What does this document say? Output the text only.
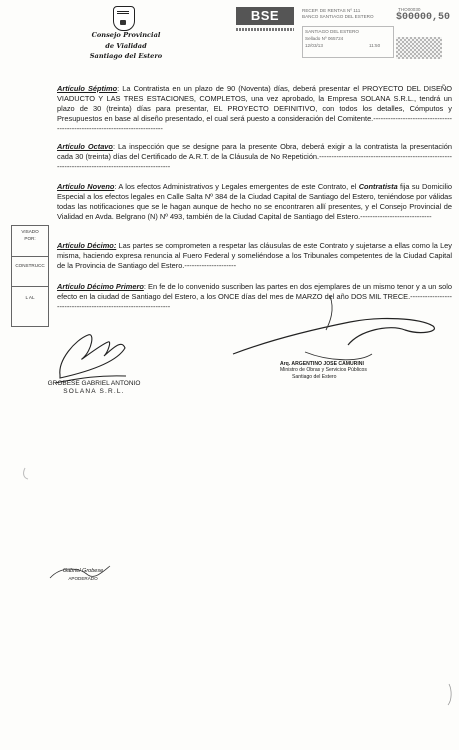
Consejo Provincial
de Vialidad
Santiago del Estero
BSE	RECEP. DE RENTAS Nº 111
BANCO SANTIAGO DEL ESTERO
SANTIAGO DEL ESTERO
Sellado Nº 065724
12/03/13	11:50
THO00030
$00000,50
VISADO
POR:
CONSTRUCC
L AL
Artículo Séptimo: La Contratista en un plazo de 90 (Noventa) días, deberá presentar el PROYECTO DEL DISEÑO VIADUCTO Y LAS TRES ESTACIONES, COMPLETOS, una vez aprobado, la Empresa SOLANA S.R.L., tendrá un plazo de 30 (treinta) días para presentar, EL PROYECTO DEFINITIVO, con todos los detalles, Cómputos y Presupuestos en base al diseño presentado, el cual será puesto a consideración del Comitente.---------------------------------------------------------------------------
Artículo Octavo: La inspección que se designe para la presente Obra, deberá exigir a la contratista la presentación cada 30 (treinta) días del Certificado de A.R.T. de la Cláusula de No Repetición.----------------------------------------------------------------------------------------------------
Artículo Noveno: A los efectos Administrativos y Legales emergentes de este Contrato, el Contratista fija su Domicilio Especial a los efectos legales en Calle Salta Nº 384 de la Ciudad Capital de Santiago del Estero, teniéndose por válidas todas las notificaciones que se le hagan aunque de hecho no se encontraren allí presentes, y el Consejo Provincial de Vialidad en Avda. Belgrano (N) Nº 493, también de la Ciudad Capital de Santiago del Estero.-----------------------------
Artículo Décimo: Las partes se comprometen a respetar las cláusulas de este Contrato y sujetarse a ellas como la Ley misma, haciendo expresa renuncia al Fuero Federal y someliéndose a los Tribunales competentes de la Ciudad Capital de la Provincia de Santiago del Estero.---------------------
Artículo Décimo Primero: En fe de lo convenido suscriben las partes en dos ejemplares de un mismo tenor y a un solo efecto en la ciudad de Santiago del Estero, a los ONCE días del mes de MARZO del año DOS MIL TRECE.---------------------------------------------------------------
GROBESE GABRIEL ANTONIO
SOLANA S.R.L.
Arq. ARGENTINO JOSE CAMURINI
Ministro de Obras y Servicios Públicos
Santiago del Estero
Gabriel Grobese
APODERADO
